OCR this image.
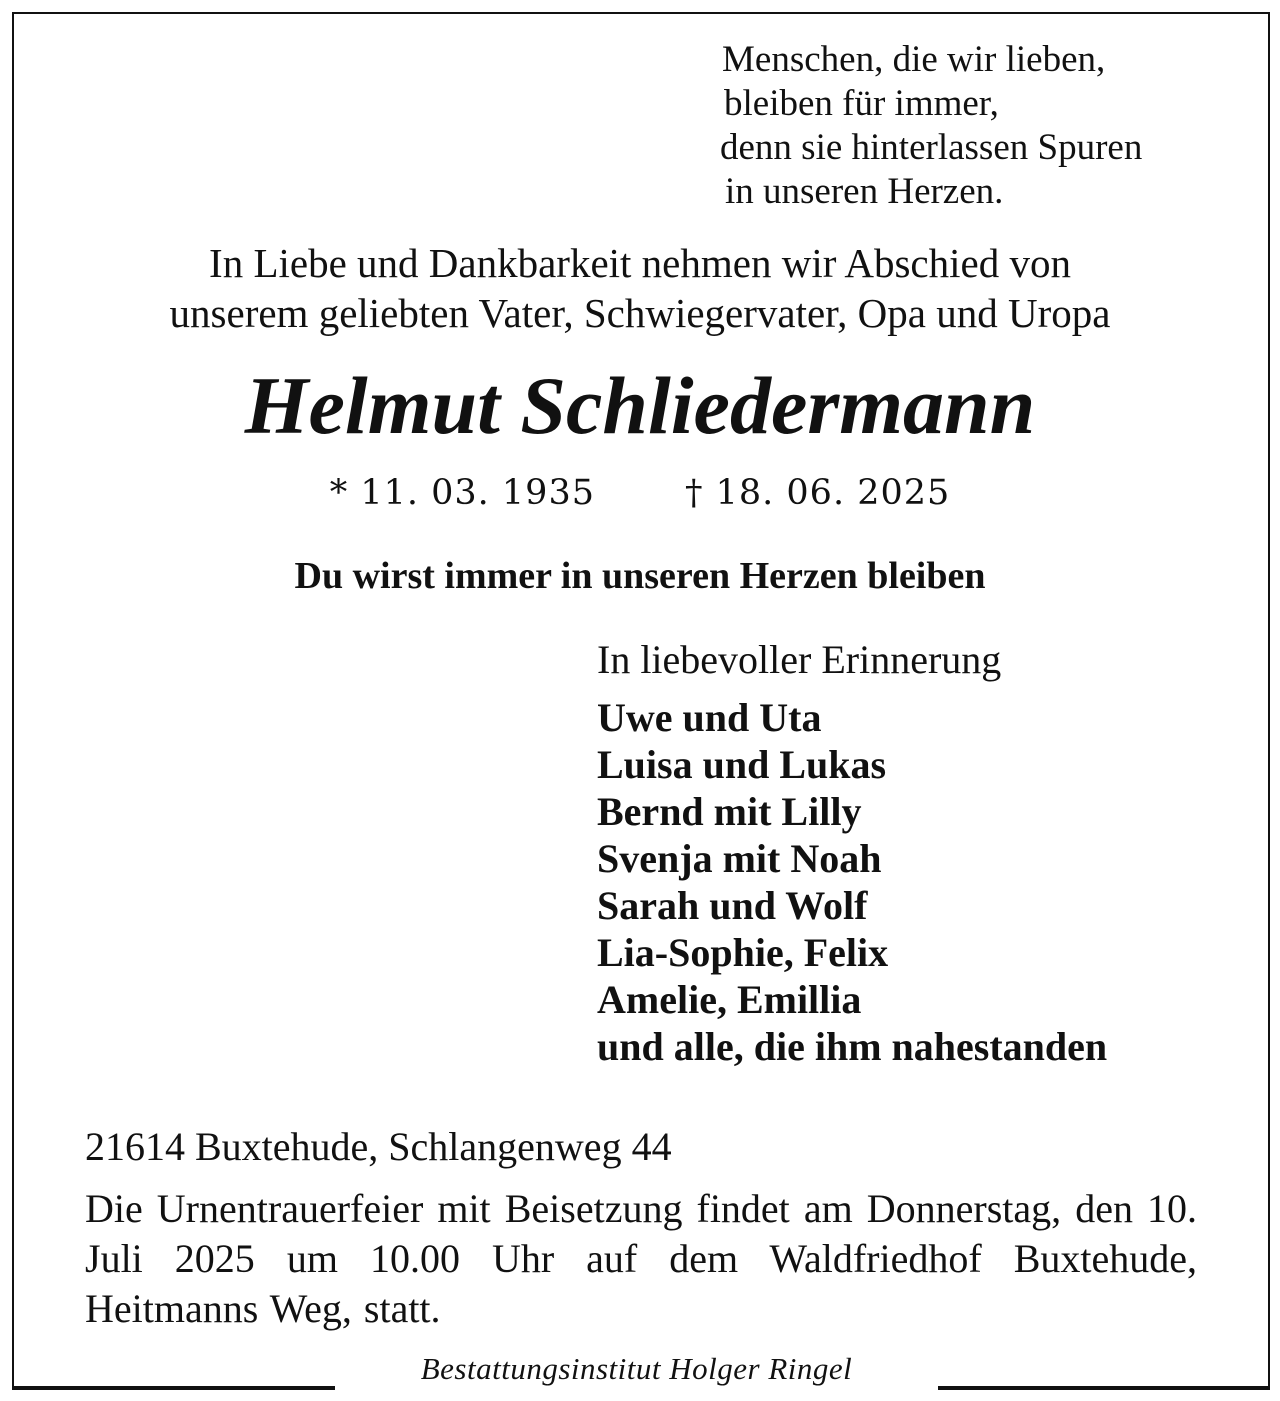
Menschen, die wir lieben,
bleiben für immer,
denn sie hinterlassen Spuren
in unseren Herzen.
In Liebe und Dankbarkeit nehmen wir Abschied von
unserem geliebten Vater, Schwiegervater, Opa und Uropa
Helmut Schliedermann
* 11. 03. 1935	† 18. 06. 2025
Du wirst immer in unseren Herzen bleiben
In liebevoller Erinnerung
Uwe und Uta
Luisa und Lukas
Bernd mit Lilly
Svenja mit Noah
Sarah und Wolf
Lia-Sophie, Felix
Amelie, Emillia
und alle, die ihm nahestanden
21614 Buxtehude, Schlangenweg 44
Die Urnentrauerfeier mit Beisetzung findet am Donnerstag, den 10. Juli 2025 um 10.00 Uhr auf dem Waldfriedhof Buxtehude, Heitmanns Weg, statt.
Bestattungsinstitut Holger Ringel
